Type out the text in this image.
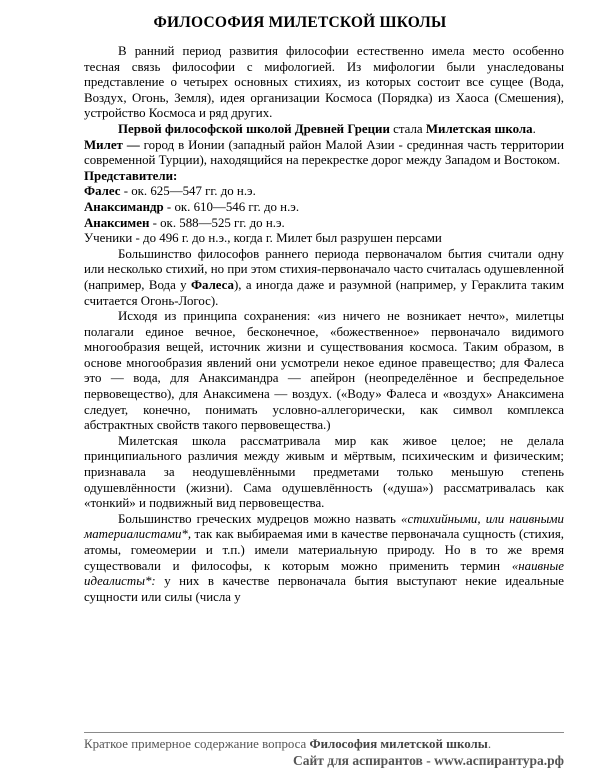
ФИЛОСОФИЯ МИЛЕТСКОЙ ШКОЛЫ

В ранний период развития философии естественно имела место особенно тесная связь философии с мифологией. Из мифологии были унаследованы представление о четырех основных стихиях, из которых состоит все сущее (Вода, Воздух, Огонь, Земля), идея организации Космоса (Порядка) из Хаоса (Смешения), устройство Космоса и ряд других.

Первой философской школой Древней Греции стала Милетская школа.

Милет — город в Ионии (западный район Малой Азии - срединная часть территории современной Турции), находящийся на перекрестке дорог между Западом и Востоком.

Представители:

Фалес - ок. 625—547 гг. до н.э.

Анаксимандр - ок. 610—546 гг. до н.э.

Анаксимен - ок. 588—525 гг. до н.э.

Ученики - до 496 г. до н.э., когда г. Милет был разрушен персами

Большинство философов раннего периода первоначалом бытия считали одну или несколько стихий, но при этом стихия-первоначало часто считалась одушевленной (например, Вода у Фалеса), а иногда даже и разумной (например, у Гераклита таким считается Огонь-Логос).

Исходя из принципа сохранения: «из ничего не возникает нечто», милетцы полагали единое вечное, бесконечное, «божественное» первоначало видимого многообразия вещей, источник жизни и существования космоса. Таким образом, в основе многообразия явлений они усмотрели некое единое правещество; для Фалеса это — вода, для Анаксимандра — апейрон (неопределённое и беспредельное первовещество), для Анаксимена — воздух. («Воду» Фалеса и «воздух» Анаксимена следует, конечно, понимать условно-аллегорически, как символ комплекса абстрактных свойств такого первовещества.)

Милетская школа рассматривала мир как живое целое; не делала принципиального различия между живым и мёртвым, психическим и физическим; признавала за неодушевлёнными предметами только меньшую степень одушевлённости (жизни). Сама одушевлённость («душа») рассматривалась как «тонкий» и подвижный вид первовещества.

Большинство греческих мудрецов можно назвать «стихийными, или наивными материалистами*, так как выбираемая ими в качестве первоначала сущность (стихия, атомы, гомеомерии и т.п.) имели материальную природу. Но в то же время существовали и философы, к которым можно применить термин «наивные идеалисты*: у них в качестве первоначала бытия выступают некие идеальные сущности или силы (числа у

Краткое примерное содержание вопроса Философия милетской школы.
Сайт для аспирантов - www.аспирантура.рф
